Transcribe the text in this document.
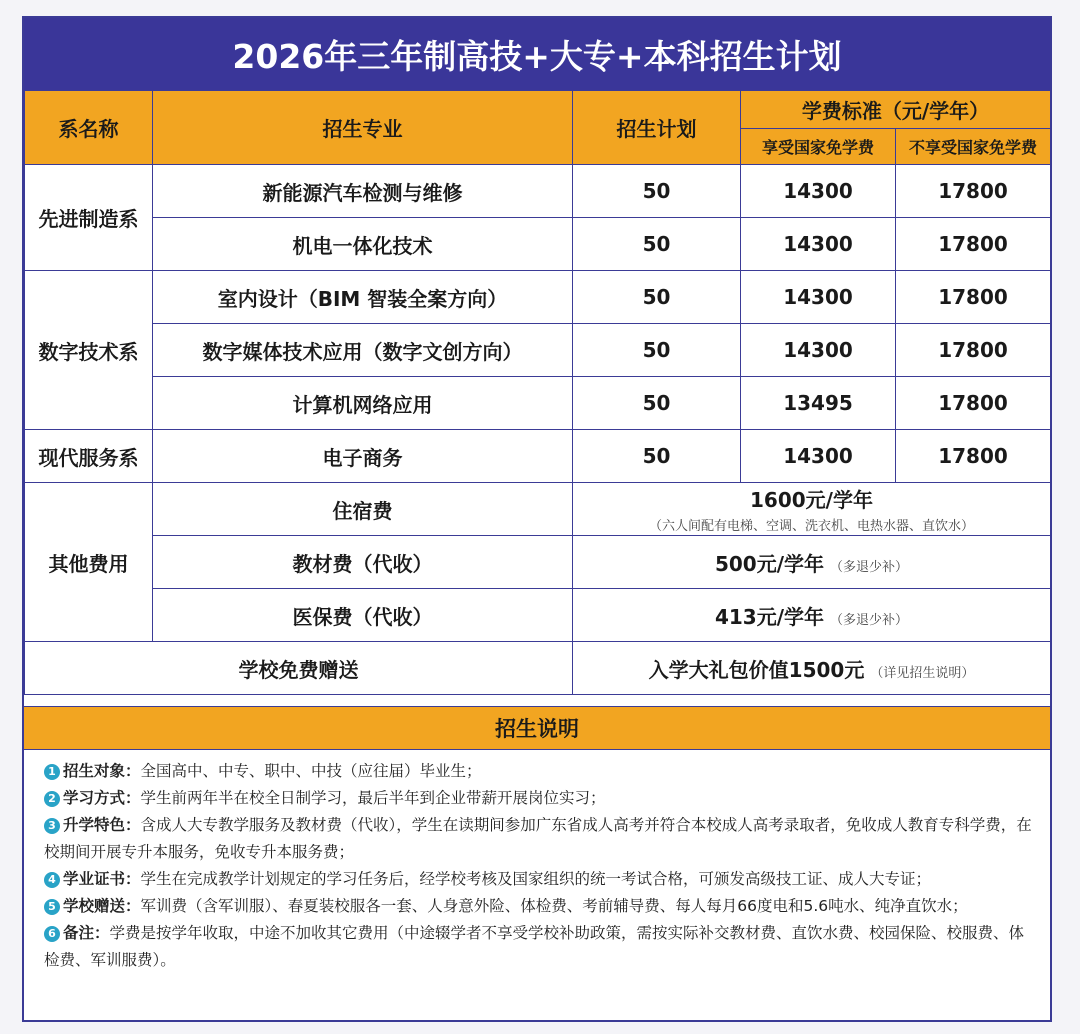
2026年三年制高技+大专+本科招生计划
系名称	招生专业	招生计划	学费标准（元/学年）	
			享受国家免学费	不享受国家免学费
先进制造系	新能源汽车检测与维修	50	14300	17800
	机电一体化技术	50	14300	17800
数字技术系	室内设计（BIM 智装全案方向）	50	14300	17800
	数字媒体技术应用（数字文创方向）	50	14300	17800
	计算机网络应用	50	13495	17800
现代服务系	电子商务	50	14300	17800
其他费用	住宿费	1600元/学年
（六人间配有电梯、空调、洗衣机、电热水器、直饮水）		

	教材费（代收）	500元/学年 （多退少补）		
	医保费（代收）	413元/学年 （多退少补）		
学校免费赠送		入学大礼包价值1500元 （详见招生说明）		
招生说明

1 招生对象：全国高中、中专、职中、中技（应往届）毕业生；

2 学习方式：学生前两年半在校全日制学习，最后半年到企业带薪开展岗位实习；

3 升学特色：含成人大专教学服务及教材费（代收），学生在读期间参加广东省成人高考并符合本校成人高考录取者，免收成人教育专科学费，在校期间开展专升本服务，免收专升本服务费；

4 学业证书：学生在完成教学计划规定的学习任务后，经学校考核及国家组织的统一考试合格，可颁发高级技工证、成人大专证；

5 学校赠送：军训费（含军训服）、春夏装校服各一套、人身意外险、体检费、考前辅导费、每人每月66度电和5.6吨水、纯净直饮水；

6 备注：学费是按学年收取，中途不加收其它费用（中途辍学者不享受学校补助政策，需按实际补交教材费、直饮水费、校园保险、校服费、体检费、军训服费）。
